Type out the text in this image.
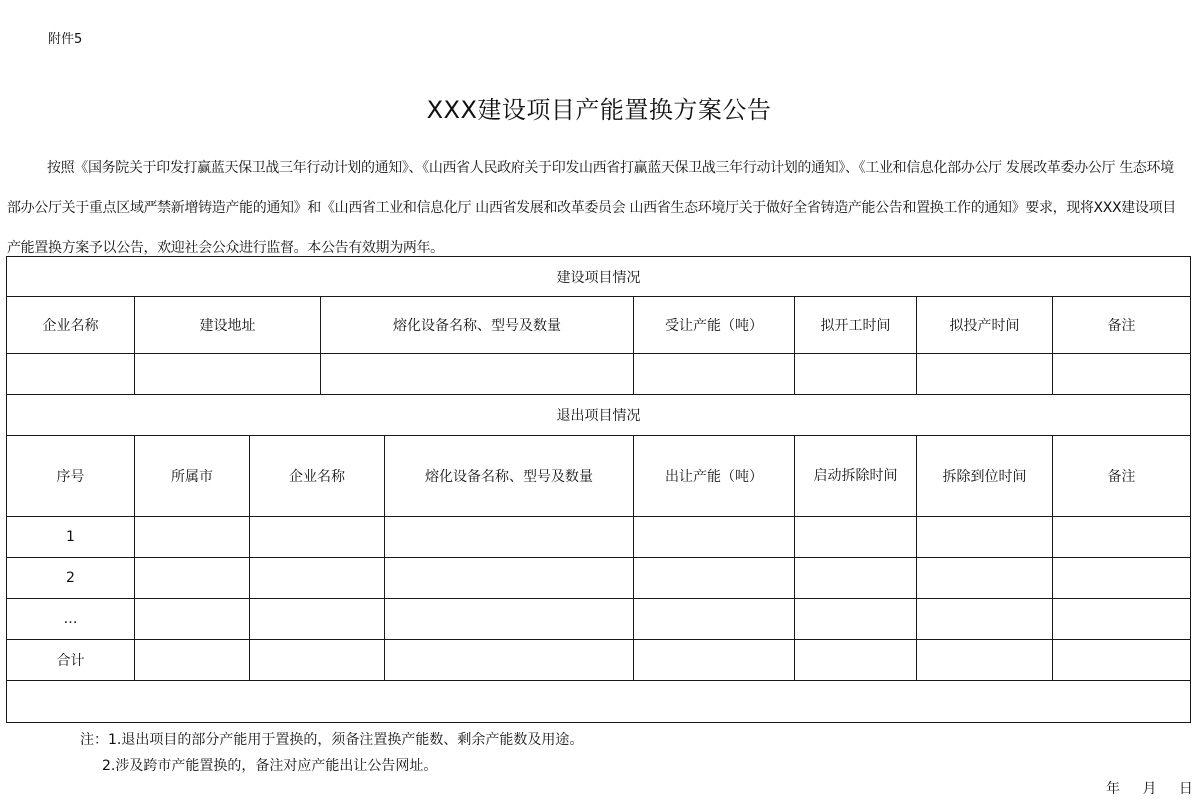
附件5
XXX建设项目产能置换方案公告
按照《国务院关于印发打赢蓝天保卫战三年行动计划的通知》、《山西省人民政府关于印发山西省打赢蓝天保卫战三年行动计划的通知》、《工业和信息化部办公厅 发展改革委办公厅 生态环境部办公厅关于重点区域严禁新增铸造产能的通知》和《山西省工业和信息化厅 山西省发展和改革委员会 山西省生态环境厅关于做好全省铸造产能公告和置换工作的通知》要求，现将XXX建设项目产能置换方案予以公告，欢迎社会公众进行监督。本公告有效期为两年。
建设项目情况								
企业名称	建设地址		熔化设备名称、型号及数量		受让产能（吨）	拟开工时间	拟投产时间	备注

退出项目情况								
序号	所属市	企业名称		熔化设备名称、型号及数量	出让产能（吨）	启动拆除时间	拆除到位时间	备注
1								
2								
…								
合计								

注：1.退出项目的部分产能用于置换的，须备注置换产能数、剩余产能数及用途。
2.涉及跨市产能置换的，备注对应产能出让公告网址。
年 月 日
